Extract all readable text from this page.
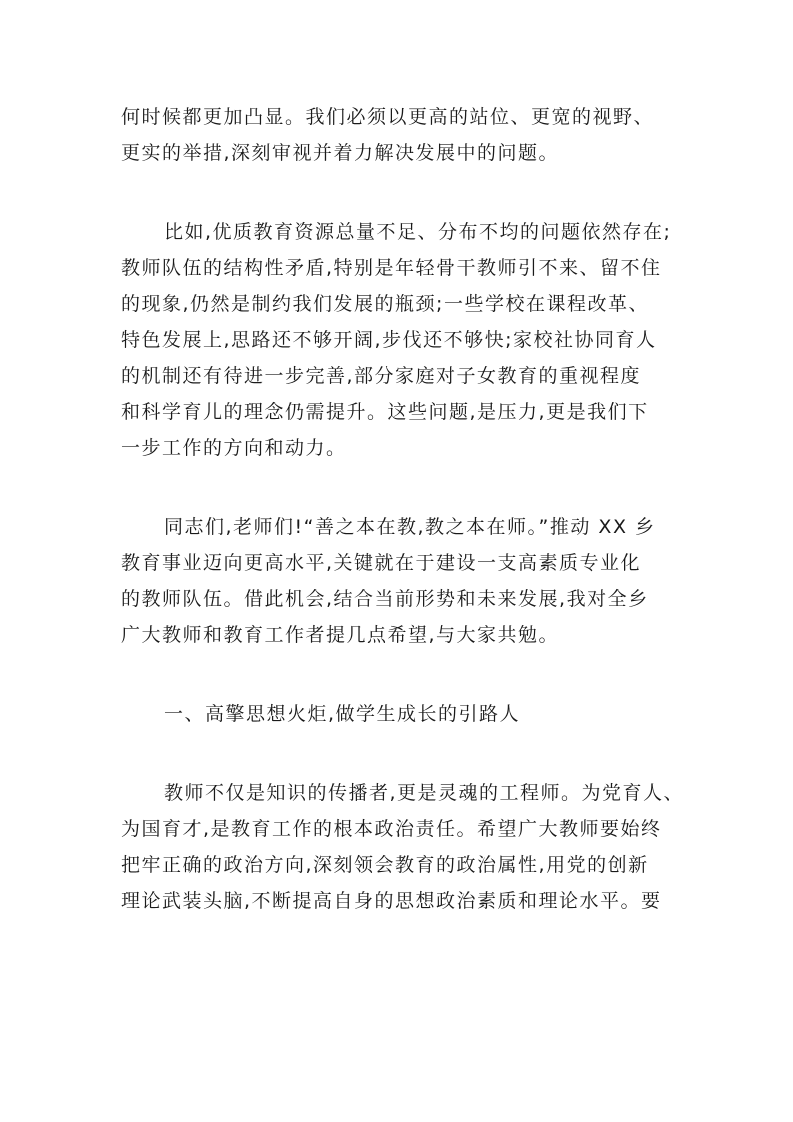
何时候都更加凸显。我们必须以更高的站位、更宽的视野、
更实的举措,深刻审视并着力解决发展中的问题。
比如,优质教育资源总量不足、分布不均的问题依然存在;
教师队伍的结构性矛盾,特别是年轻骨干教师引不来、留不住
的现象,仍然是制约我们发展的瓶颈;一些学校在课程改革、
特色发展上,思路还不够开阔,步伐还不够快;家校社协同育人
的机制还有待进一步完善,部分家庭对子女教育的重视程度
和科学育儿的理念仍需提升。这些问题,是压力,更是我们下
一步工作的方向和动力。
同志们,老师们!“善之本在教,教之本在师。”推动 XX 乡
教育事业迈向更高水平,关键就在于建设一支高素质专业化
的教师队伍。借此机会,结合当前形势和未来发展,我对全乡
广大教师和教育工作者提几点希望,与大家共勉。
一、高擎思想火炬,做学生成长的引路人
教师不仅是知识的传播者,更是灵魂的工程师。为党育人、
为国育才,是教育工作的根本政治责任。希望广大教师要始终
把牢正确的政治方向,深刻领会教育的政治属性,用党的创新
理论武装头脑,不断提高自身的思想政治素质和理论水平。要
